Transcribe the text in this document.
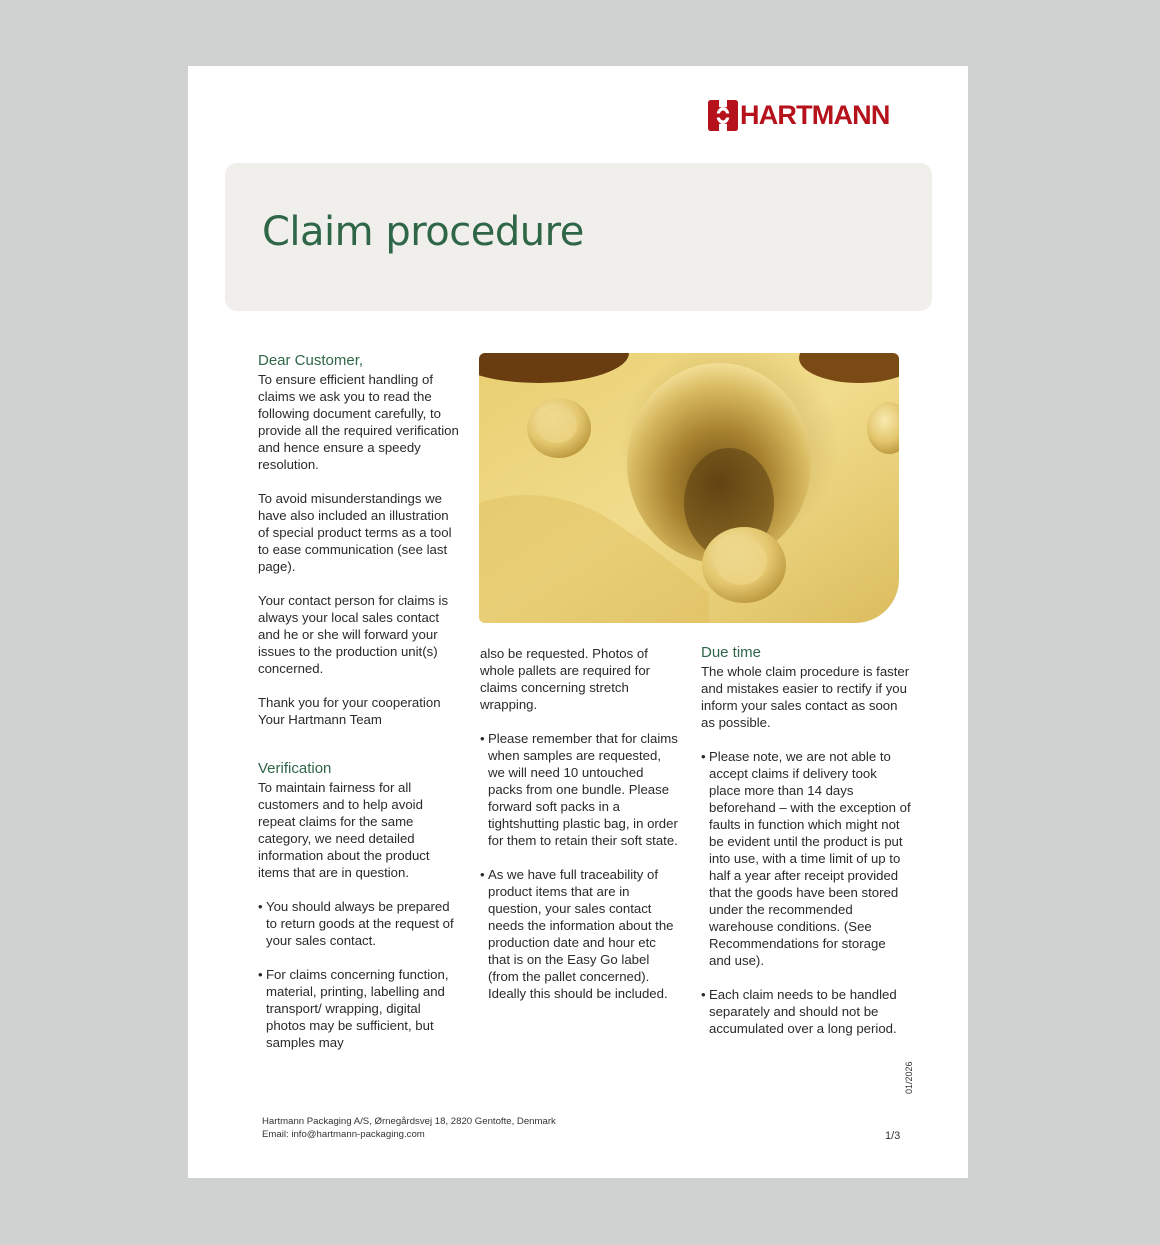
HARTMANN
Claim procedure
Dear Customer,

To ensure efficient handling of claims we ask you to read the following document carefully, to provide all the required verification and hence ensure a speedy resolution.

To avoid misunderstandings we have also included an illustration of special product terms as a tool to ease communication (see last page).

Your contact person for claims is always your local sales contact and he or she will forward your issues to the production unit(s) concerned.

Thank you for your cooperation

Your Hartmann Team

Verification

To maintain fairness for all customers and to help avoid repeat claims for the same category, we need detailed information about the product items that are in question.

• You should always be prepared to return goods at the request of your sales contact.
• For claims concerning function, material, printing, labelling and transport/ wrapping, digital photos may be sufficient, but samples may

also be requested. Photos of whole pallets are required for claims concerning stretch wrapping.

• Please remember that for claims when samples are requested, we will need 10 untouched packs from one bundle. Please forward soft packs in a tightshutting plastic bag, in order for them to retain their soft state.
• As we have full traceability of product items that are in question, your sales contact needs the information about the production date and hour etc that is on the Easy Go label (from the pallet concerned). Ideally this should be included.
Due time

The whole claim procedure is faster and mistakes easier to rectify if you inform your sales contact as soon as possible.

• Please note, we are not able to accept claims if delivery took place more than 14 days beforehand – with the exception of faults in function which might not be evident until the product is put into use, with a time limit of up to half a year after receipt provided that the goods have been stored under the recommended warehouse conditions. (See Recommendations for storage and use).
• Each claim needs to be handled separately and should not be accumulated over a long period.
Hartmann Packaging A/S, Ørnegårdsvej 18, 2820 Gentofte, Denmark
Email: info@hartmann-packaging.com	1/3
01/2026
